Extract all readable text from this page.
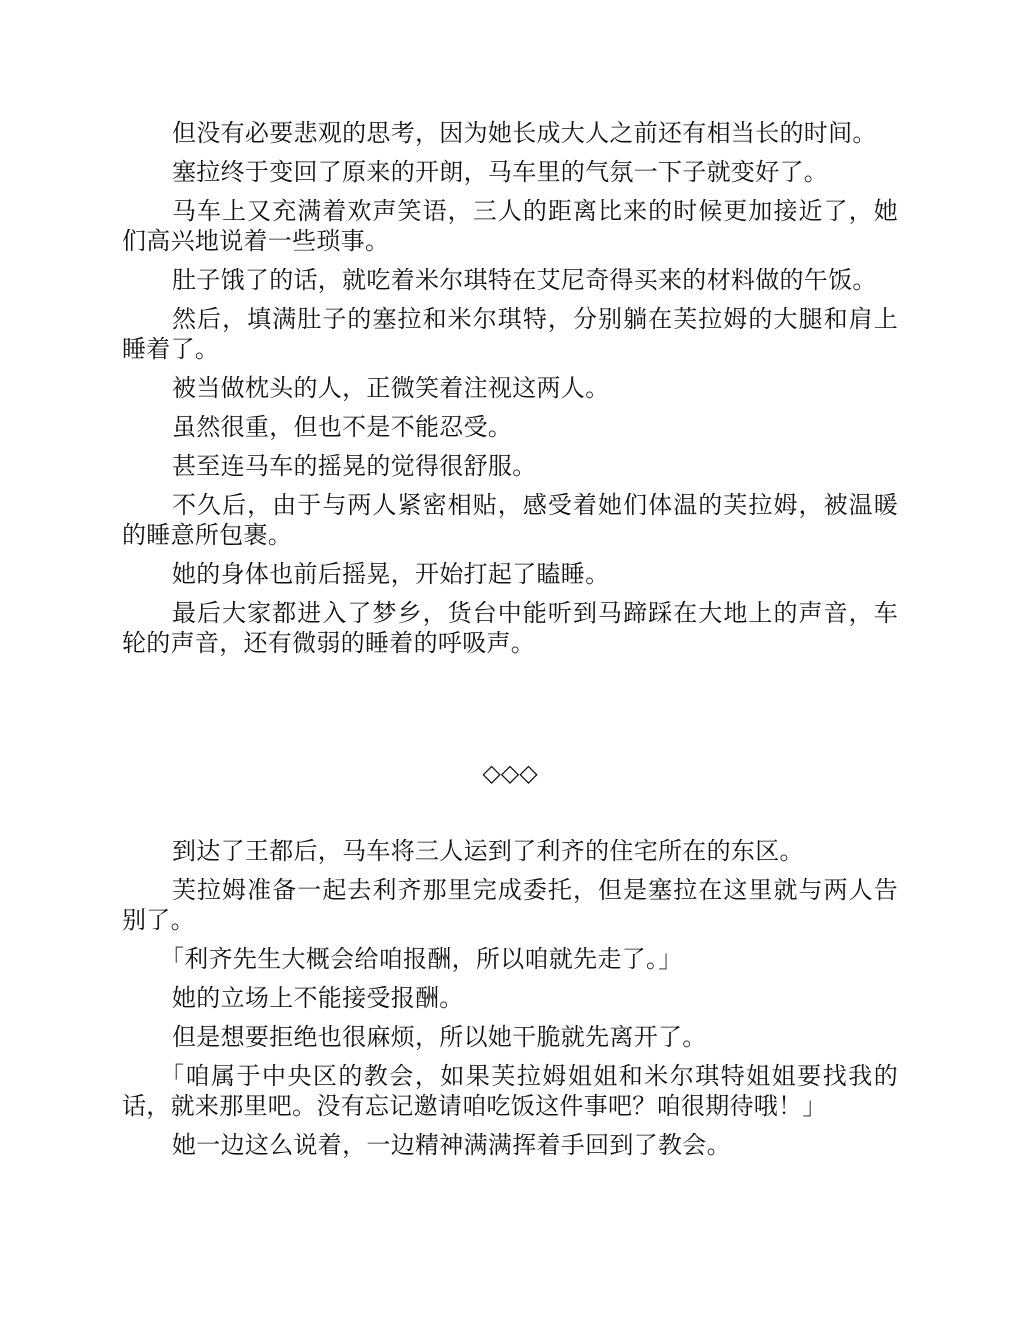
但没有必要悲观的思考，因为她长成大人之前还有相当长的时间。

塞拉终于变回了原来的开朗，马车里的气氛一下子就变好了。

马车上又充满着欢声笑语，三人的距离比来的时候更加接近了，她们高兴地说着一些琐事。

肚子饿了的话，就吃着米尔琪特在艾尼奇得买来的材料做的午饭。

然后，填满肚子的塞拉和米尔琪特，分别躺在芙拉姆的大腿和肩上睡着了。

被当做枕头的人，正微笑着注视这两人。

虽然很重，但也不是不能忍受。

甚至连马车的摇晃的觉得很舒服。

不久后，由于与两人紧密相贴，感受着她们体温的芙拉姆，被温暖的睡意所包裹。

她的身体也前后摇晃，开始打起了瞌睡。

最后大家都进入了梦乡，货台中能听到马蹄踩在大地上的声音，车轮的声音，还有微弱的睡着的呼吸声。

◇◇◇

到达了王都后，马车将三人运到了利齐的住宅所在的东区。

芙拉姆准备一起去利齐那里完成委托，但是塞拉在这里就与两人告别了。

「利齐先生大概会给咱报酬，所以咱就先走了。」

她的立场上不能接受报酬。

但是想要拒绝也很麻烦，所以她干脆就先离开了。

「咱属于中央区的教会，如果芙拉姆姐姐和米尔琪特姐姐要找我的话，就来那里吧。没有忘记邀请咱吃饭这件事吧？咱很期待哦！」

她一边这么说着，一边精神满满挥着手回到了教会。
